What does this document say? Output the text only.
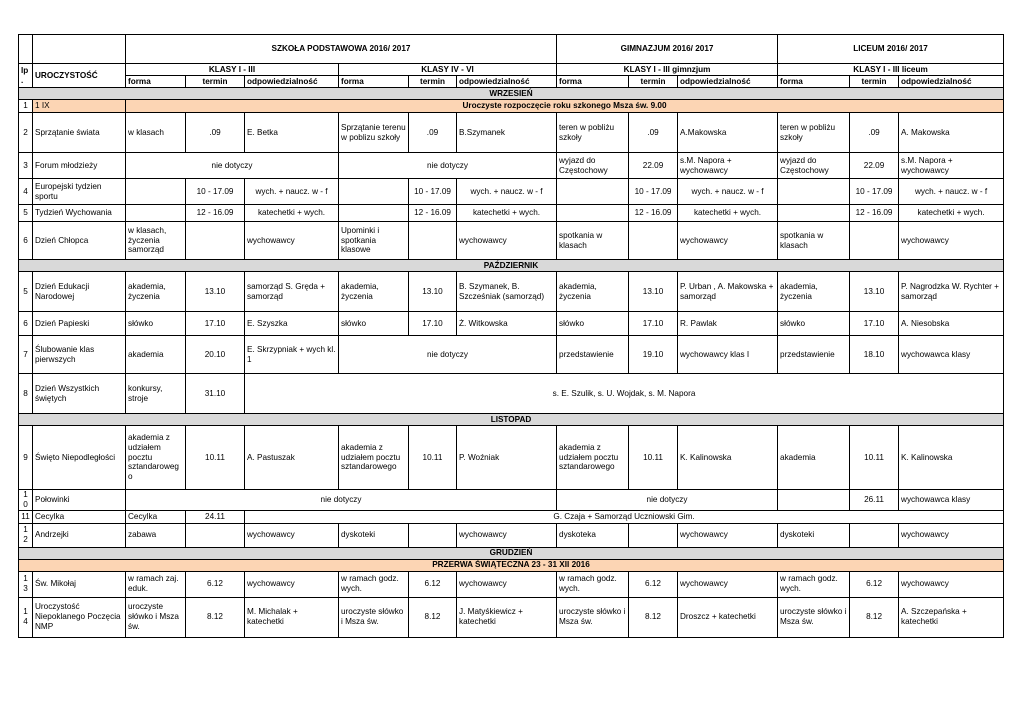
		SZKOŁA PODSTAWOWA 2016/ 2017						GIMNAZJUM 2016/ 2017			LICEUM 2016/ 2017		
lp.	UROCZYSTOŚĆ	KLASY I - III			KLASY IV - VI			KLASY I - III gimnzjum			KLASY I - III liceum		
		forma	termin	odpowiedzialność	forma	termin	odpowiedzialność	forma	termin	odpowiedzialność	forma	termin	odpowiedzialność
WRZESIEŃ													
1	1 IX	Uroczyste rozpoczęcie roku szkonego Msza św. 9.00											
2	Sprzątanie świata	w klasach	.09	E. Betka	Sprzątanie terenu w poblizu szkoły	.09	B.Szymanek	teren w pobliżu szkoły	.09	A.Makowska	teren w pobliżu szkoły	.09	A. Makowska
3	Forum młodzieży	nie dotyczy			nie dotyczy			wyjazd do Częstochowy	22.09	s.M. Napora + wychowawcy	wyjazd do Częstochowy	22.09	s.M. Napora + wychowawcy
4	Europejski tydzien sportu		10 - 17.09	wych. + naucz. w - f		10 - 17.09	wych. + naucz. w - f		10 - 17.09	wych. + naucz. w - f		10 - 17.09	wych. + naucz. w - f
5	Tydzień Wychowania		12 - 16.09	katechetki + wych.		12 - 16.09	katechetki + wych.		12 - 16.09	katechetki + wych.		12 - 16.09	katechetki + wych.
6	Dzień Chłopca	w klasach, życzenia samorząd		wychowawcy	Upominki i spotkania klasowe		wychowawcy	spotkania w klasach		wychowawcy	spotkania w klasach		wychowawcy
PAŹDZIERNIK													
5	Dzień Edukacji Narodowej	akademia, życzenia	13.10	samorząd S. Gręda + samorząd	akademia, życzenia	13.10	B. Szymanek, B. Szcześniak (samorząd)	akademia, życzenia	13.10	P. Urban , A. Makowska + samorząd	akademia, życzenia	13.10	P. Nagrodzka W. Rychter + samorząd
6	Dzień Papieski	słówko	17.10	E. Szyszka	słówko	17.10	Ż. Witkowska	słówko	17.10	R. Pawlak	słówko	17.10	A. Niesobska
7	Ślubowanie klas pierwszych	akademia	20.10	E. Skrzypniak + wych kl. 1	nie dotyczy			przedstawienie	19.10	wychowawcy klas I	przedstawienie	18.10	wychowawca klasy
8	Dzień Wszystkich świętych	konkursy, stroje	31.10	s. E. Szulik, s. U. Wojdak, s. M. Napora									
LISTOPAD													
9	Święto Niepodległości	akademia z udziałem pocztu sztandaroweg o	10.11	A. Pastuszak	akademia z udziałem pocztu sztandarowego	10.11	P. Woźniak	akademia z udziałem pocztu sztandarowego	10.11	K. Kalinowska	akademia	10.11	K. Kalinowska
10	Połowinki	nie dotyczy						nie dotyczy				26.11	wychowawca klasy
11	Cecylka	Cecylka	24.11	G. Czaja + Samorząd Uczniowski Gim.									
12	Andrzejki	zabawa		wychowawcy	dyskoteki		wychowawcy	dyskoteka		wychowawcy	dyskoteki		wychowawcy
GRUDZIEŃ													
PRZERWA ŚWIĄTECZNA 23 - 31 XII 2016													
13	Św. Mikołaj	w ramach zaj. eduk.	6.12	wychowawcy	w ramach godz. wych.	6.12	wychowawcy	w ramach godz. wych.	6.12	wychowawcy	w ramach godz. wych.	6.12	wychowawcy
14	Uroczystość Niepoklanego Poczęcia NMP	uroczyste słówko i Msza św.	8.12	M. Michalak + katechetki	uroczyste słówko i Msza św.	8.12	J. Matyśkiewicz + katechetki	uroczyste słówko i Msza św.	8.12	Droszcz + katechetki	uroczyste słówko i Msza św.	8.12	A. Szczepańska + katechetki
